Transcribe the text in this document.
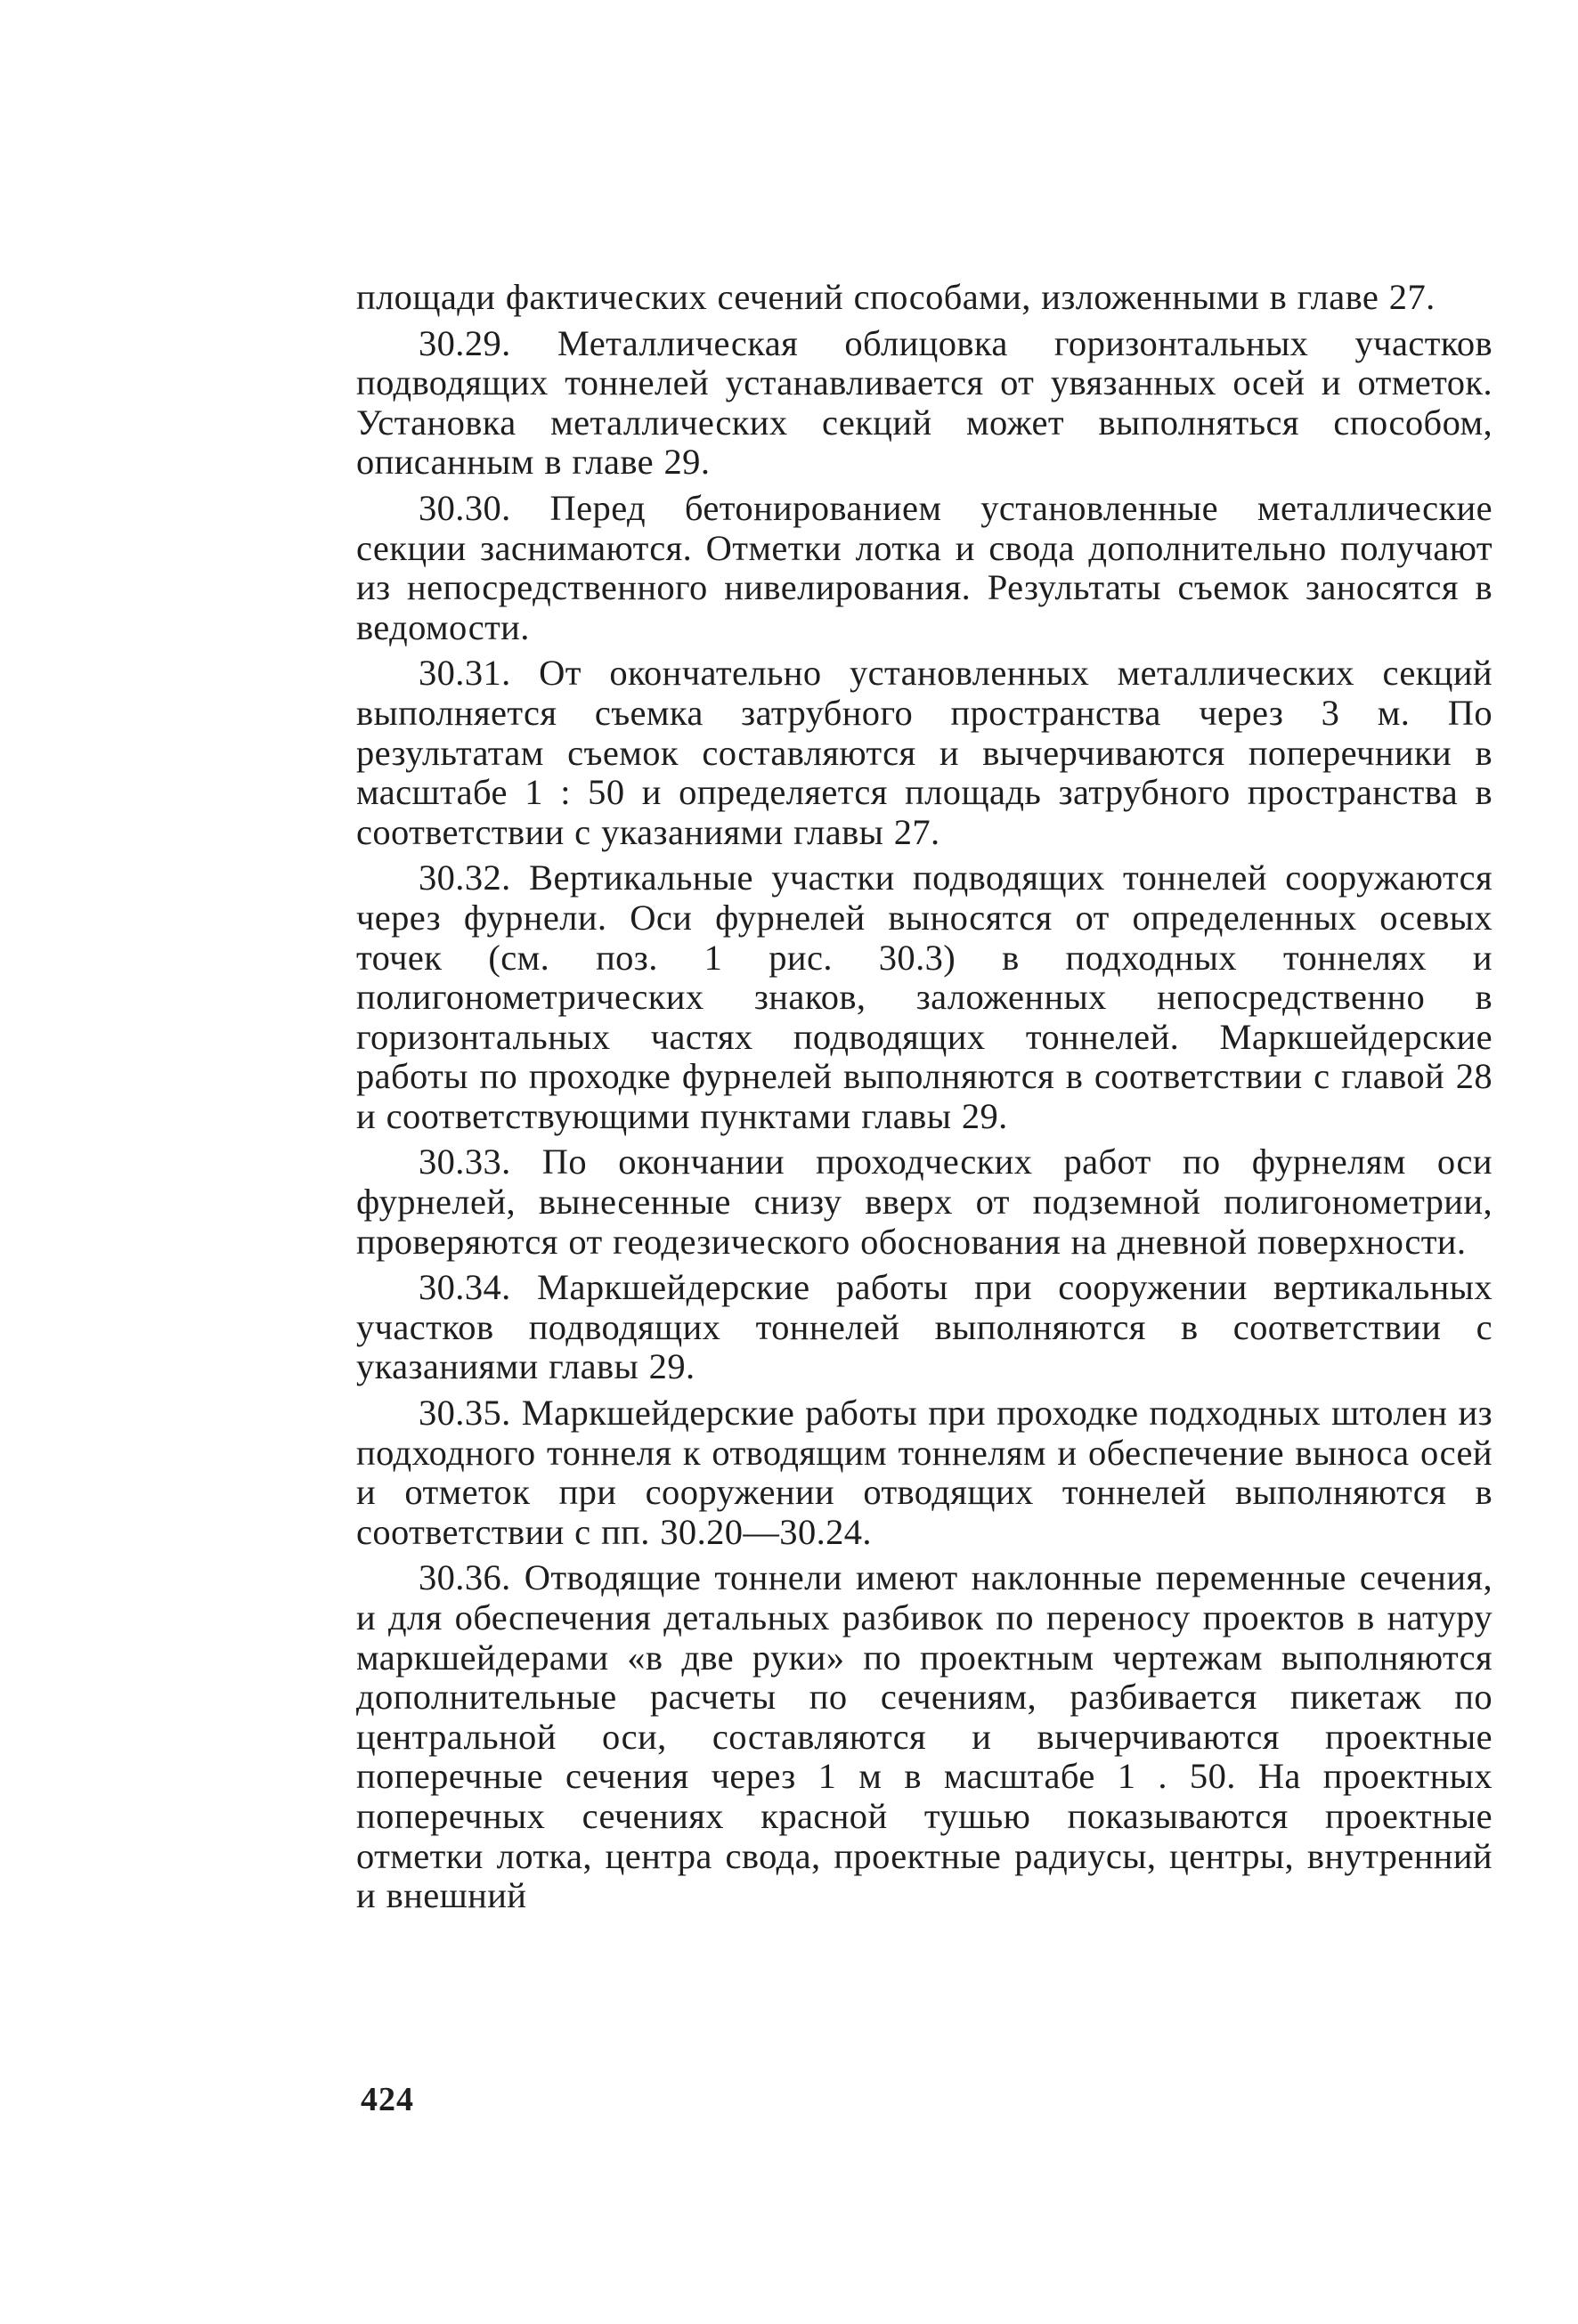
площади фактических сечений способами, изложенными в главе 27.

30.29. Металлическая облицовка горизонтальных участков подводящих тоннелей устанавливается от увязанных осей и отметок. Установка металлических секций может выполняться способом, описанным в главе 29.

30.30. Перед бетонированием установленные металлические секции заснимаются. Отметки лотка и свода дополнительно получают из непосредственного нивелирования. Результаты съемок заносятся в ведомости.

30.31. От окончательно установленных металлических секций выполняется съемка затрубного пространства через 3 м. По результатам съемок составляются и вычерчиваются поперечники в масштабе 1 : 50 и определяется площадь затрубного пространства в соответствии с указаниями главы 27.

30.32. Вертикальные участки подводящих тоннелей сооружаются через фурнели. Оси фурнелей выносятся от определенных осевых точек (см. поз. 1 рис. 30.3) в подходных тоннелях и полигонометрических знаков, заложенных непосредственно в горизонтальных частях подводящих тоннелей. Маркшейдерские работы по проходке фурнелей выполняются в соответствии с главой 28 и соответствующими пунктами главы 29.

30.33. По окончании проходческих работ по фурнелям оси фурнелей, вынесенные снизу вверх от подземной полигонометрии, проверяются от геодезического обоснования на дневной поверхности.

30.34. Маркшейдерские работы при сооружении вертикальных участков подводящих тоннелей выполняются в соответствии с указаниями главы 29.

30.35. Маркшейдерские работы при проходке подходных штолен из подходного тоннеля к отводящим тоннелям и обеспечение выноса осей и отметок при сооружении отводящих тоннелей выполняются в соответствии с пп. 30.20—30.24.

30.36. Отводящие тоннели имеют наклонные переменные сечения, и для обеспечения детальных разбивок по переносу проектов в натуру маркшейдерами «в две руки» по проектным чертежам выполняются дополнительные расчеты по сечениям, разбивается пикетаж по центральной оси, составляются и вычерчиваются проектные поперечные сечения через 1 м в масштабе 1 . 50. На проектных поперечных сечениях красной тушью показываются проектные отметки лотка, центра свода, проектные радиусы, центры, внутренний и внешний

424
